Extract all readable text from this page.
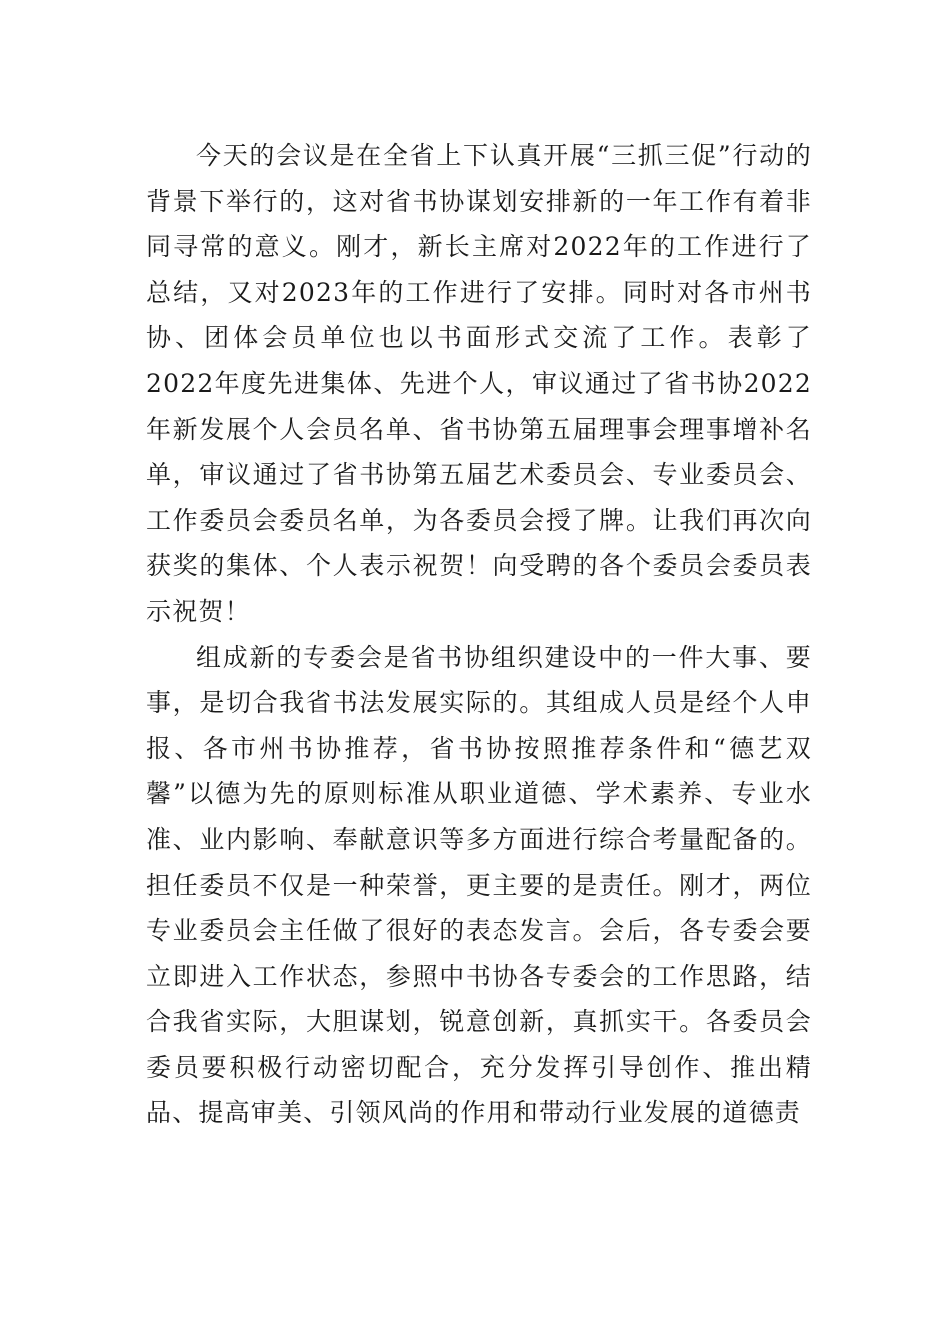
今天的会议是在全省上下认真开展“三抓三促”行动的背景下举行的，这对省书协谋划安排新的一年工作有着非同寻常的意义。刚才，新长主席对2022年的工作进行了总结，又对2023年的工作进行了安排。同时对各市州书协、团体会员单位也以书面形式交流了工作。表彰了2022年度先进集体、先进个人，审议通过了省书协2022年新发展个人会员名单、省书协第五届理事会理事增补名单，审议通过了省书协第五届艺术委员会、专业委员会、工作委员会委员名单，为各委员会授了牌。让我们再次向获奖的集体、个人表示祝贺！向受聘的各个委员会委员表示祝贺！

组成新的专委会是省书协组织建设中的一件大事、要事，是切合我省书法发展实际的。其组成人员是经个人申报、各市州书协推荐，省书协按照推荐条件和“德艺双馨”以德为先的原则标准从职业道德、学术素养、专业水准、业内影响、奉献意识等多方面进行综合考量配备的。担任委员不仅是一种荣誉，更主要的是责任。刚才，两位专业委员会主任做了很好的表态发言。会后，各专委会要立即进入工作状态，参照中书协各专委会的工作思路，结合我省实际，大胆谋划，锐意创新，真抓实干。各委员会委员要积极行动密切配合，充分发挥引导创作、推出精品、提高审美、引领风尚的作用和带动行业发展的道德责
